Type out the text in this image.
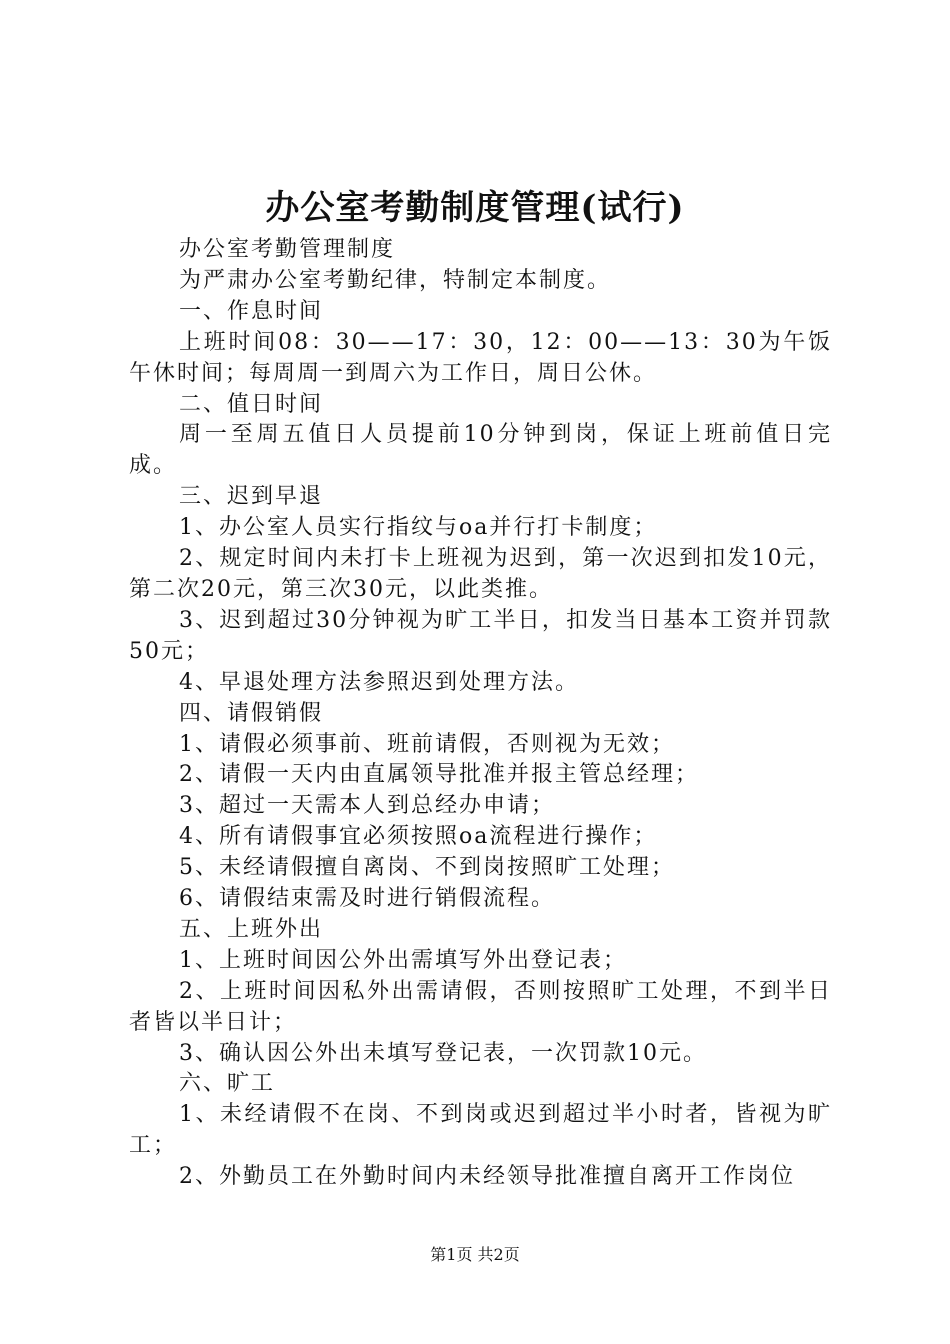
办公室考勤制度管理(试行)

办公室考勤管理制度

为严肃办公室考勤纪律，特制定本制度。

一、作息时间

上班时间08：30——17：30，12：00——13：30为午饭午休时间；每周周一到周六为工作日，周日公休。

二、值日时间

周一至周五值日人员提前10分钟到岗，保证上班前值日完成。

三、迟到早退

1、办公室人员实行指纹与oa并行打卡制度；

2、规定时间内未打卡上班视为迟到，第一次迟到扣发10元，第二次20元，第三次30元，以此类推。

3、迟到超过30分钟视为旷工半日，扣发当日基本工资并罚款50元；

4、早退处理方法参照迟到处理方法。

四、请假销假

1、请假必须事前、班前请假，否则视为无效；

2、请假一天内由直属领导批准并报主管总经理；

3、超过一天需本人到总经办申请；

4、所有请假事宜必须按照oa流程进行操作；

5、未经请假擅自离岗、不到岗按照旷工处理；

6、请假结束需及时进行销假流程。

五、上班外出

1、上班时间因公外出需填写外出登记表；

2、上班时间因私外出需请假，否则按照旷工处理，不到半日者皆以半日计；

3、确认因公外出未填写登记表，一次罚款10元。

六、旷工

1、未经请假不在岗、不到岗或迟到超过半小时者，皆视为旷工；

2、外勤员工在外勤时间内未经领导批准擅自离开工作岗位

第1页 共2页
